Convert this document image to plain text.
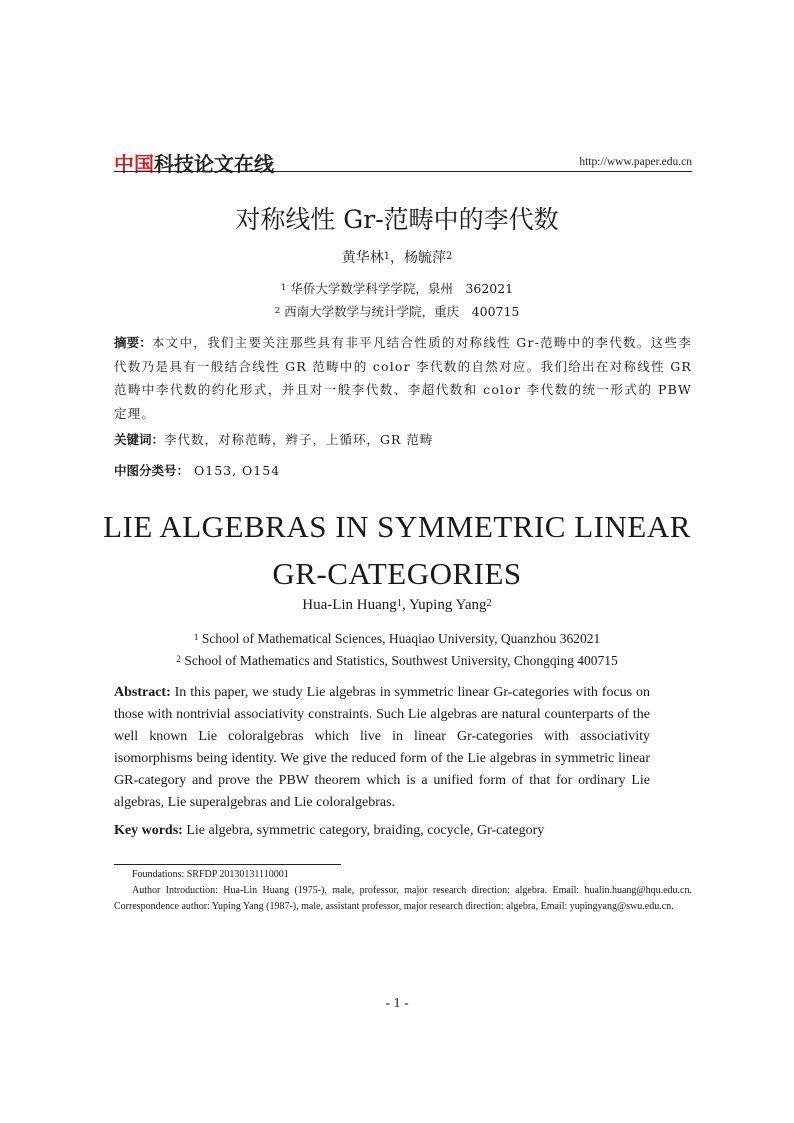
中国科技论文在线	http://www.paper.edu.cn
对称线性 Gr-范畴中的李代数
黄华林$^1$，杨毓萍$^2$
$^1$ 华侨大学数学科学学院，泉州　362021
$^2$ 西南大学数学与统计学院，重庆　400715
摘要：本文中，我们主要关注那些具有非平凡结合性质的对称线性 Gr-范畴中的李代数。这些李代数乃是具有一般结合线性 GR 范畴中的 color 李代数的自然对应。我们给出在对称线性 GR 范畴中李代数的约化形式，并且对一般李代数、李超代数和 color 李代数的统一形式的 PBW 定理。
关键词：李代数，对称范畴，辫子，上循环，GR 范畴
中图分类号： O153, O154
LIE ALGEBRAS IN SYMMETRIC LINEAR
GR-CATEGORIES
Hua-Lin Huang$^1$, Yuping Yang$^2$
$^1$ School of Mathematical Sciences, Huaqiao University, Quanzhou 362021
$^2$ School of Mathematics and Statistics, Southwest University, Chongqing 400715
Abstract: In this paper, we study Lie algebras in symmetric linear Gr-categories with focus on those with nontrivial associativity constraints. Such Lie algebras are natural counterparts of the well known Lie coloralgebras which live in linear Gr-categories with associativity isomorphisms being identity. We give the reduced form of the Lie algebras in symmetric linear GR-category and prove the PBW theorem which is a unified form of that for ordinary Lie algebras, Lie superalgebras and Lie coloralgebras.
Key words: Lie algebra, symmetric category, braiding, cocycle, Gr-category
Foundations: SRFDP 20130131110001
Author Introduction: Hua-Lin Huang (1975-), male, professor, major research direction: algebra. Email: hualin.huang@hqu.edu.cn. Correspondence author: Yuping Yang (1987-), male, assistant professor, major research direction: algebra, Email: yupingyang@swu.edu.cn.
- 1 -
